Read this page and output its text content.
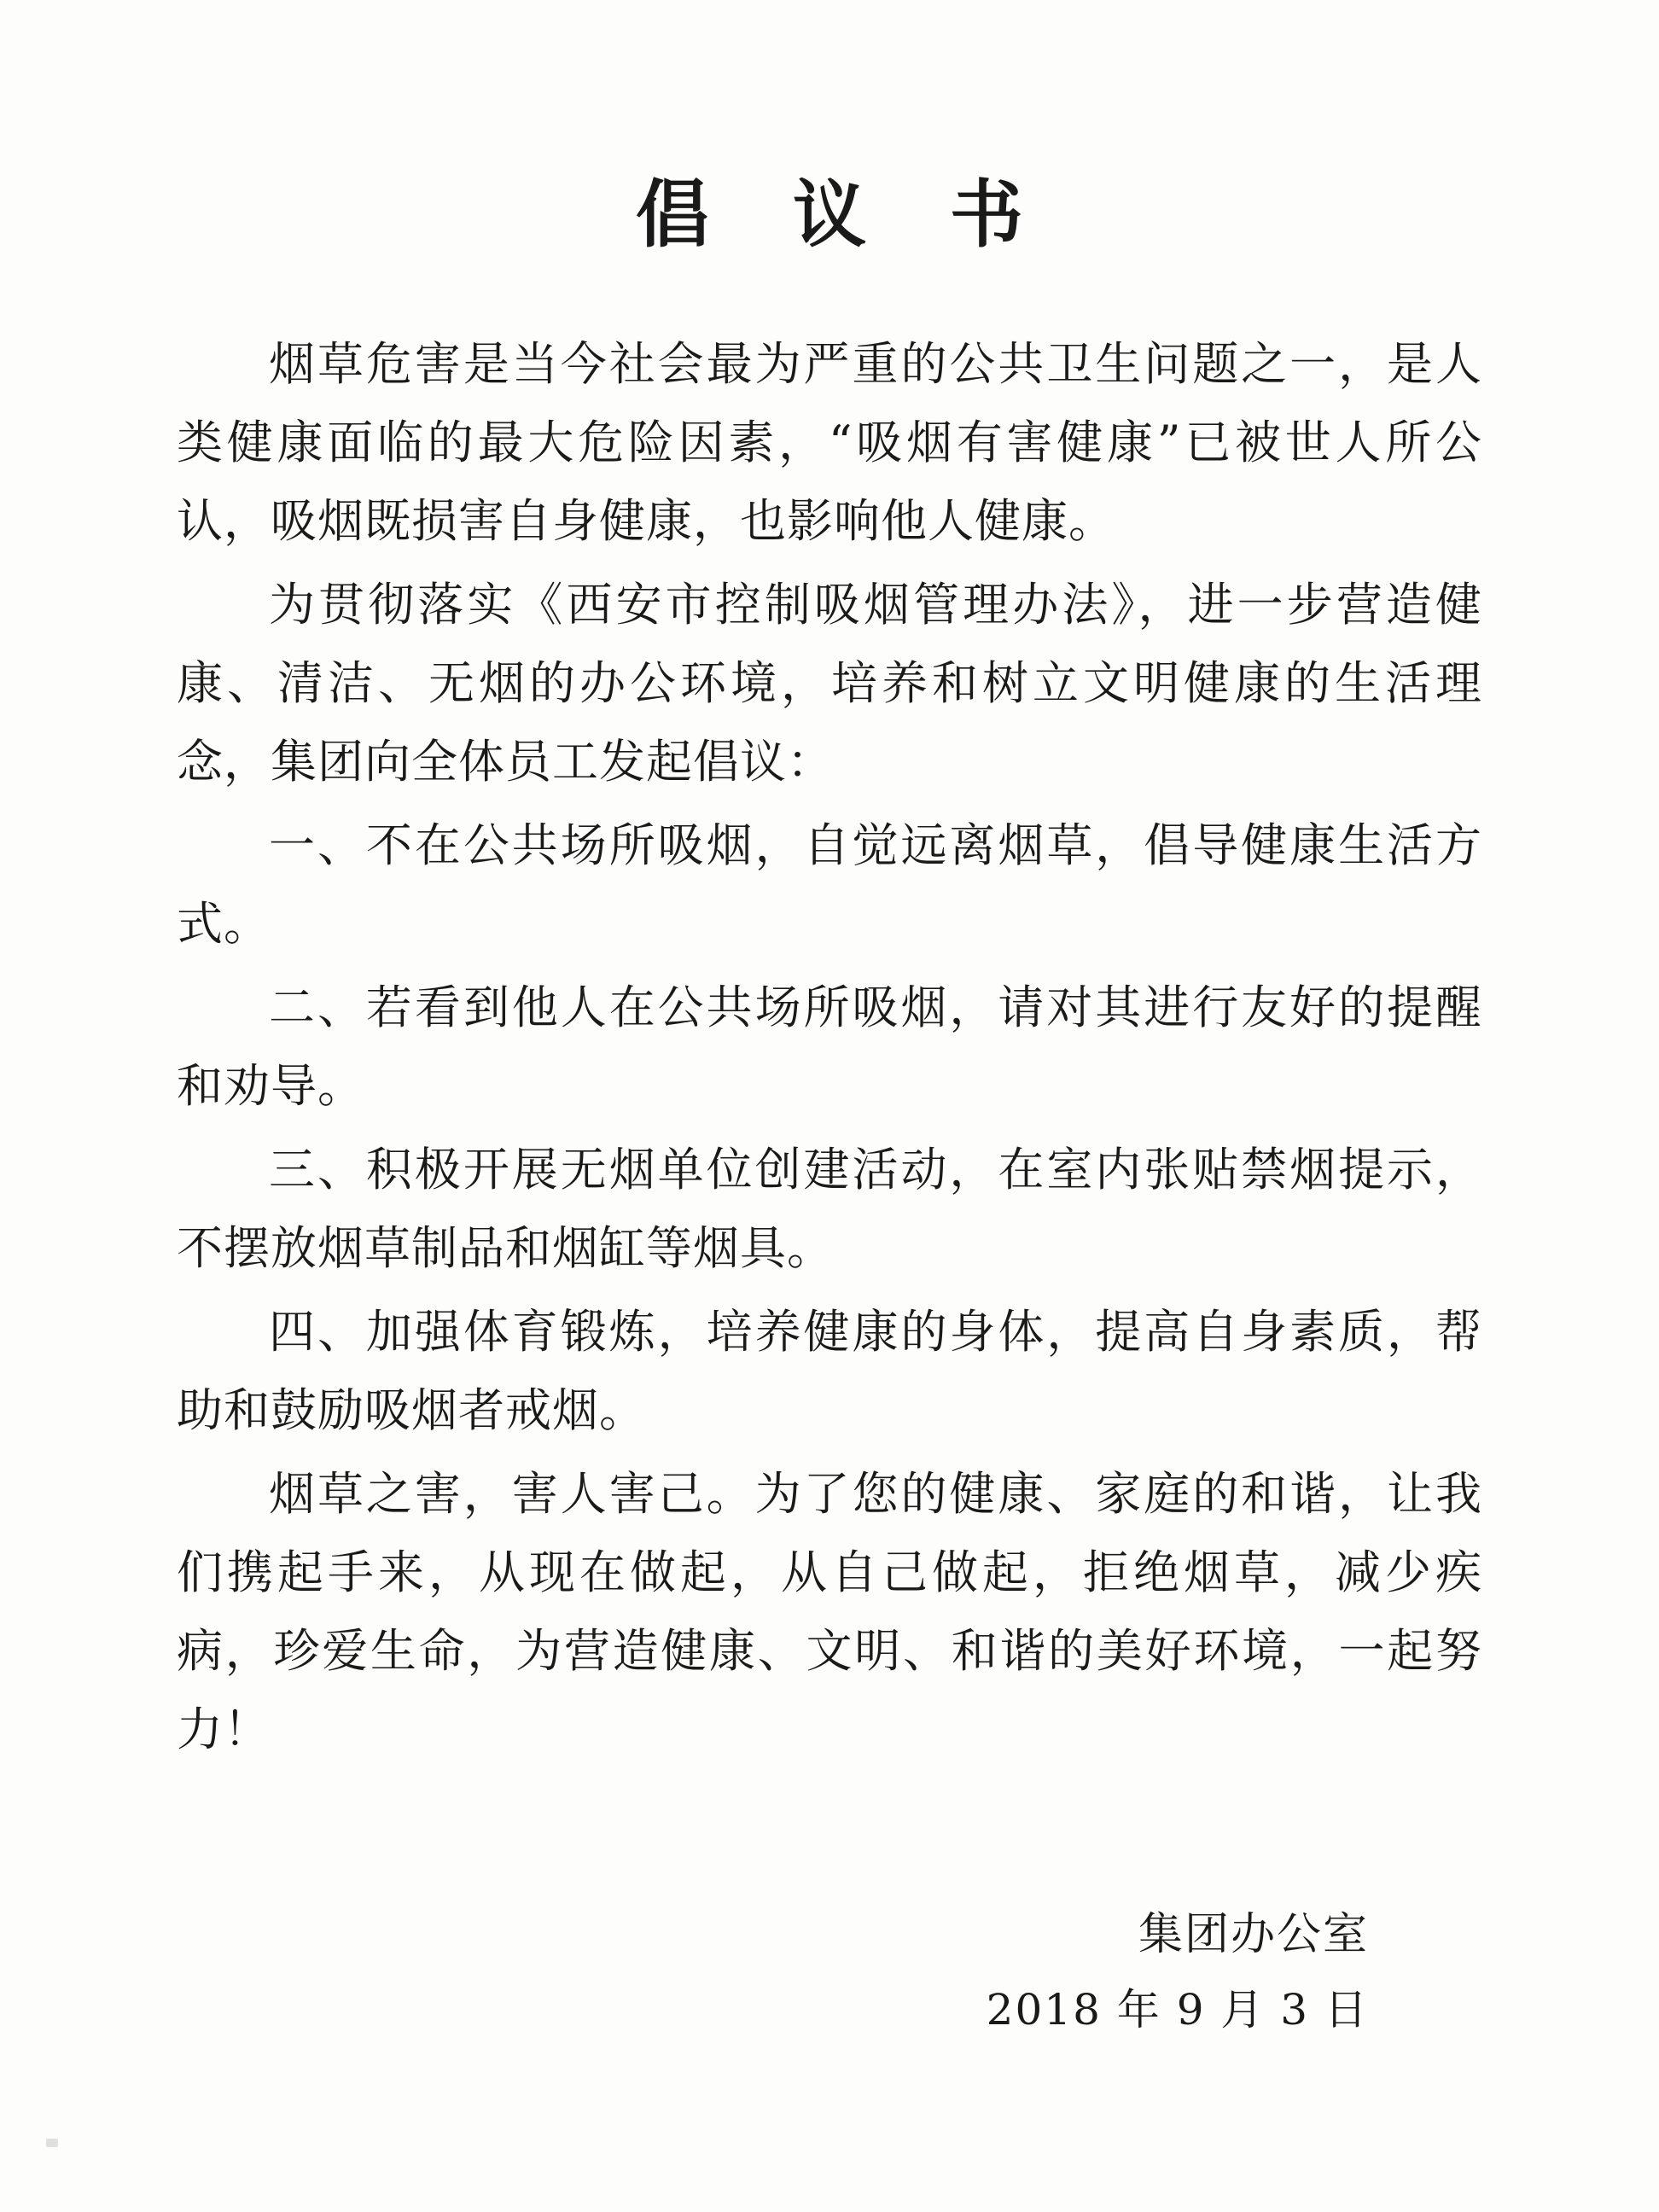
倡 议 书

烟草危害是当今社会最为严重的公共卫生问题之一，是人类健康面临的最大危险因素，“吸烟有害健康”已被世人所公认，吸烟既损害自身健康，也影响他人健康。

为贯彻落实《西安市控制吸烟管理办法》，进一步营造健康、清洁、无烟的办公环境，培养和树立文明健康的生活理念，集团向全体员工发起倡议：

一、不在公共场所吸烟，自觉远离烟草，倡导健康生活方式。

二、若看到他人在公共场所吸烟，请对其进行友好的提醒和劝导。

三、积极开展无烟单位创建活动，在室内张贴禁烟提示，不摆放烟草制品和烟缸等烟具。

四、加强体育锻炼，培养健康的身体，提高自身素质，帮助和鼓励吸烟者戒烟。

烟草之害，害人害己。为了您的健康、家庭的和谐，让我们携起手来，从现在做起，从自己做起，拒绝烟草，减少疾病，珍爱生命，为营造健康、文明、和谐的美好环境，一起努力！

集团办公室
2018 年 9 月 3 日
